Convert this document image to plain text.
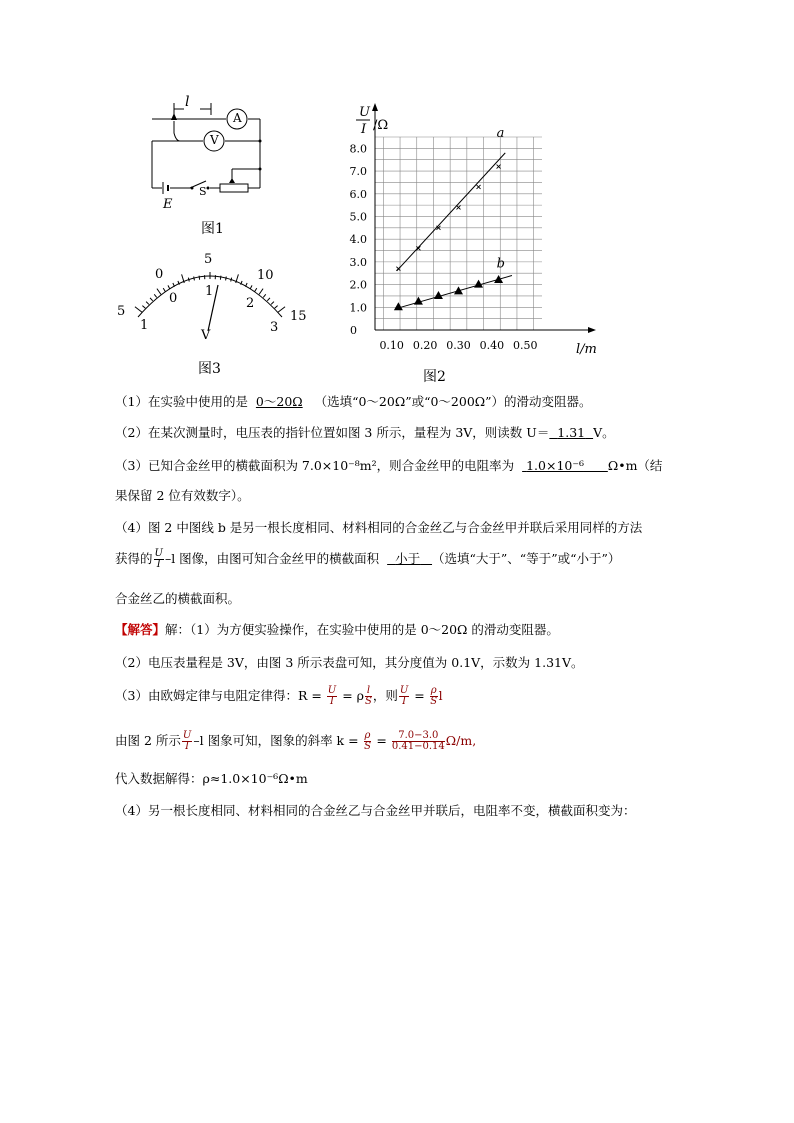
l
A
V
E
S
图1
5
0
5
10
15
1
0 1
2
3
V
图3
0.10 0.20 0.30 0.40 0.50
1.0
2.0
3.0
4.0
5.0
6.0
7.0
8.0
0
l/m
U
I /Ω
a
b
图2
（1）在实验中使用的是 0～20Ω （选填“0～20Ω”或“0～200Ω”）的滑动变阻器。
（2）在某次测量时，电压表的指针位置如图 3 所示，量程为 3V，则读数 U＝ 1.31 V。
（3）已知合金丝甲的横截面积为 7.0×10⁻⁸m²，则合金丝甲的电阻率为 1.0×10⁻⁶ Ω•m（结
果保留 2 位有效数字）。
（4）图 2 中图线 b 是另一根长度相同、材料相同的合金丝乙与合金丝甲并联后采用同样的方法
获得的 $\frac{U}{I} -l$ 图像，由图可知合金丝甲的横截面积 小于 （选填“大于”、“等于”或“小于”）
合金丝乙的横截面积。
【解答】解：（1）为方便实验操作，在实验中使用的是 0～20Ω 的滑动变阻器。
（2）电压表量程是 3V，由图 3 所示表盘可知，其分度值为 0.1V，示数为 1.31V。
（3）由欧姆定律与电阻定律得：$R = \frac{U}{I} = \rho \frac{l}{S}$ ，则 $\frac{U}{I} = \frac{\rho}{S}$ l
由图 2 所示 $\frac{U}{I} -l$ 图象可知，图象的斜率 $k = \frac{\rho}{S} = \frac{7.0-3.0}{0.41-0.14} \Omega/m$,
代入数据解得：ρ≈1.0×10⁻⁶Ω•m
（4）另一根长度相同、材料相同的合金丝乙与合金丝甲并联后，电阻率不变，横截面积变为：
